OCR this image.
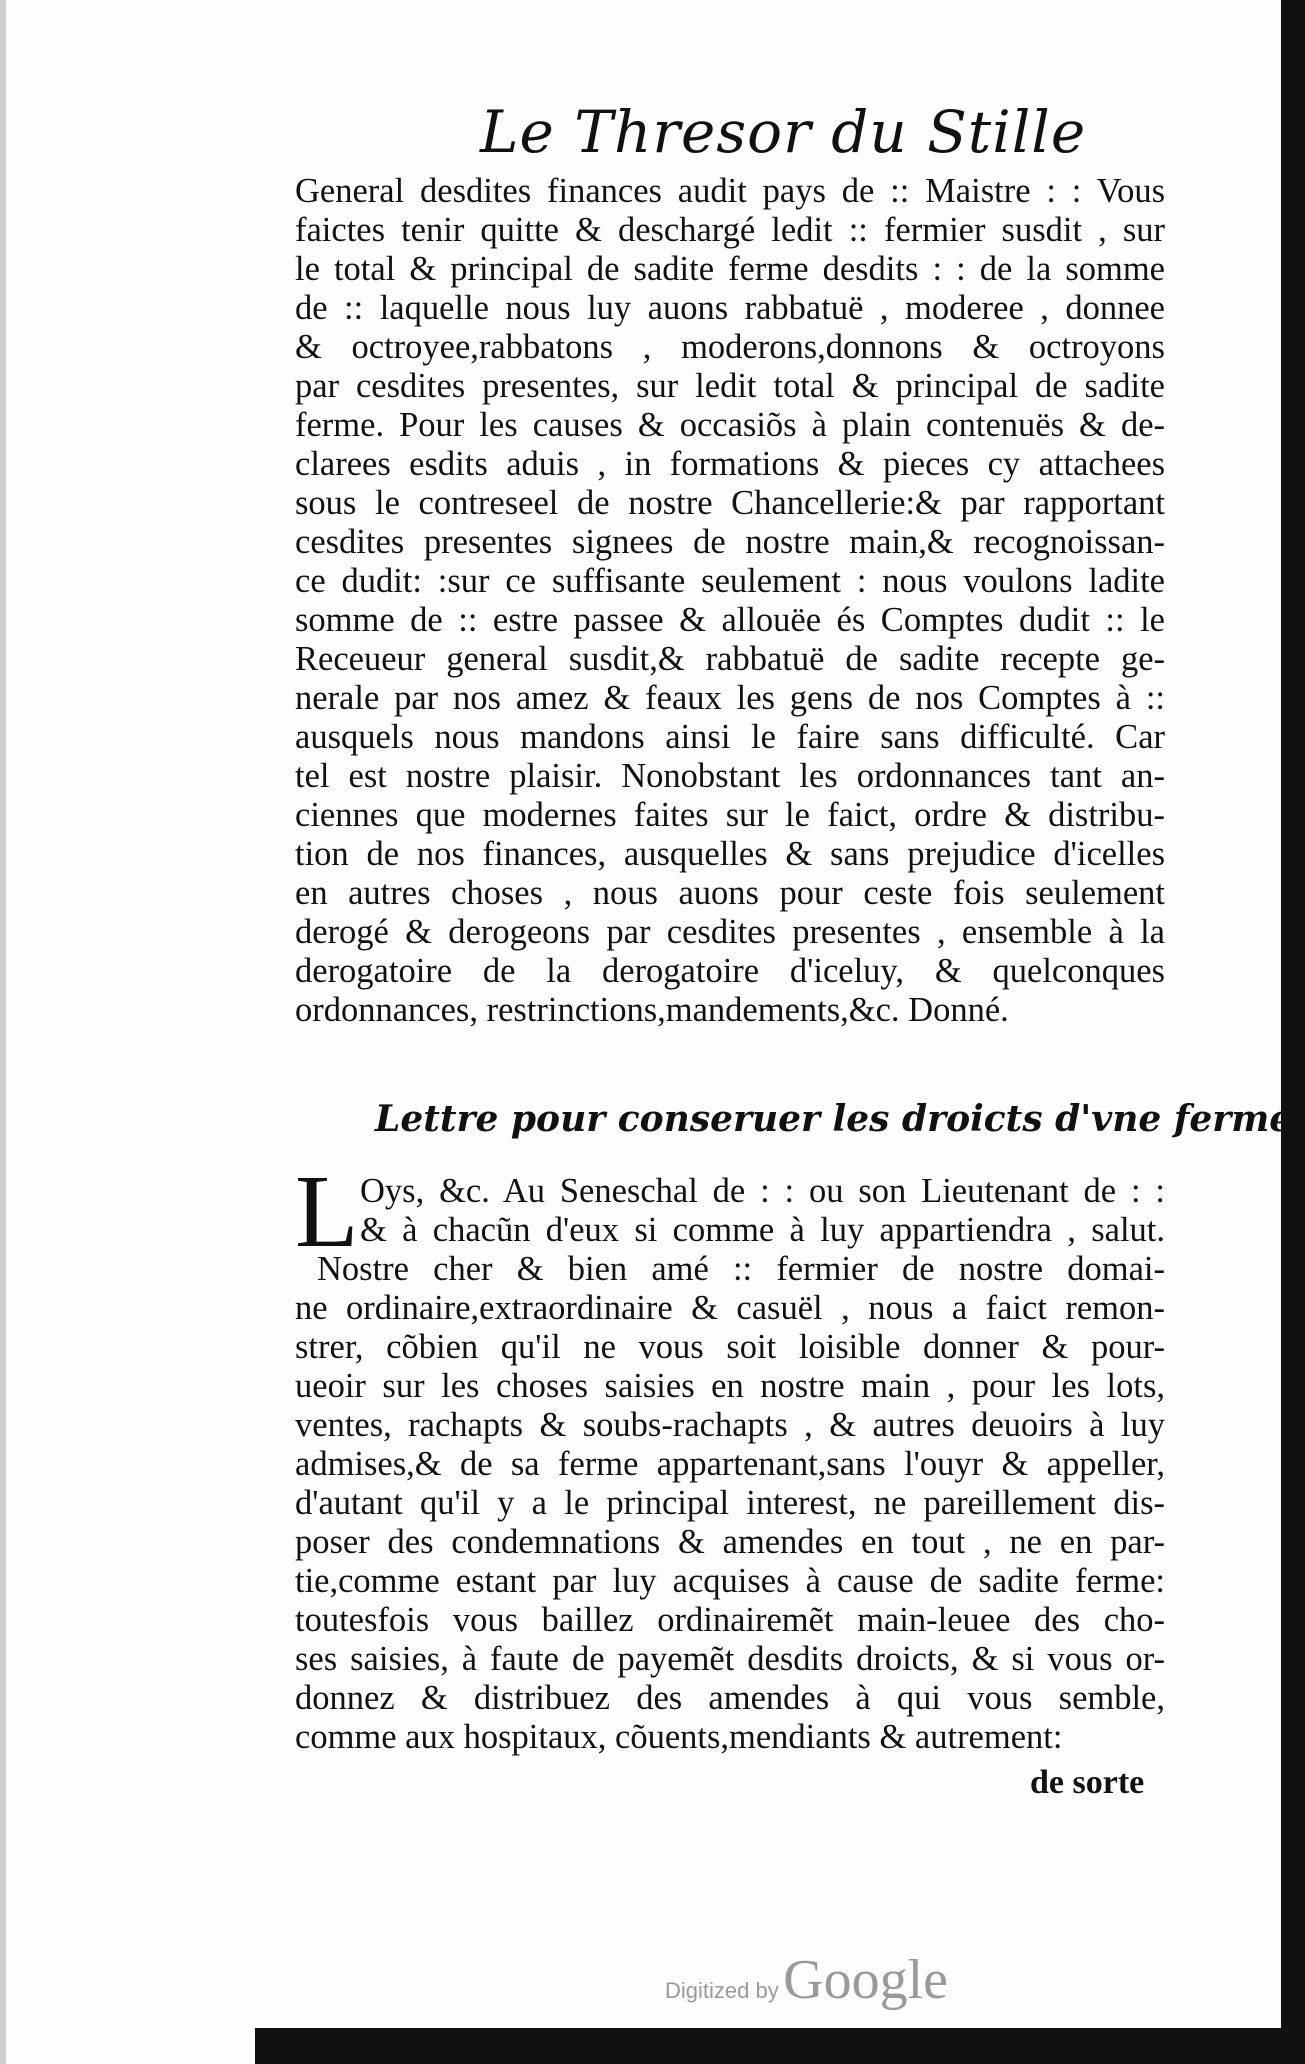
Le Thresor du Stille
General desdites finances audit pays de :: Maistre : : Vous
faictes tenir quitte & deschargé ledit :: fermier susdit , sur
le total & principal de sadite ferme desdits : : de la somme
de :: laquelle nous luy auons rabbatuë , moderee , donnee
& octroyee,rabbatons , moderons,donnons & octroyons
par cesdites presentes, sur ledit total & principal de sadite
ferme. Pour les causes & occasiõs à plain contenuës & de-
clarees esdits aduis , in formations & pieces cy attachees
sous le contreseel de nostre Chancellerie:& par rapportant
cesdites presentes signees de nostre main,& recognoissan-
ce dudit: :sur ce suffisante seulement : nous voulons ladite
somme de :: estre passee & allouëe és Comptes dudit :: le
Receueur general susdit,& rabbatuë de sadite recepte ge-
nerale par nos amez & feaux les gens de nos Comptes à ::
ausquels nous mandons ainsi le faire sans difficulté. Car
tel est nostre plaisir. Nonobstant les ordonnances tant an-
ciennes que modernes faites sur le faict, ordre & distribu-
tion de nos finances, ausquelles & sans prejudice d'icelles
en autres choses , nous auons pour ceste fois seulement
derogé & derogeons par cesdites presentes , ensemble à la
derogatoire de la derogatoire d'iceluy, & quelconques
ordonnances, restrinctions,mandements,&c. Donné.
Lettre pour conseruer les droicts d'vne ferme.
L Oys, &c. Au Seneschal de : : ou son Lieutenant de : :
& à chacũn d'eux si comme à luy appartiendra , salut.
Nostre cher & bien amé :: fermier de nostre domai-
ne ordinaire,extraordinaire & casuël , nous a faict remon-
strer, cõbien qu'il ne vous soit loisible donner & pour-
ueoir sur les choses saisies en nostre main , pour les lots,
ventes, rachapts & soubs-rachapts , & autres deuoirs à luy
admises,& de sa ferme appartenant,sans l'ouyr & appeller,
d'autant qu'il y a le principal interest, ne pareillement dis-
poser des condemnations & amendes en tout , ne en par-
tie,comme estant par luy acquises à cause de sadite ferme:
toutesfois vous baillez ordinairemẽt main-leuee des cho-
ses saisies, à faute de payemẽt desdits droicts, & si vous or-
donnez & distribuez des amendes à qui vous semble,
comme aux hospitaux, cõuents,mendiants & autrement:
de sorte
Digitized by Google
